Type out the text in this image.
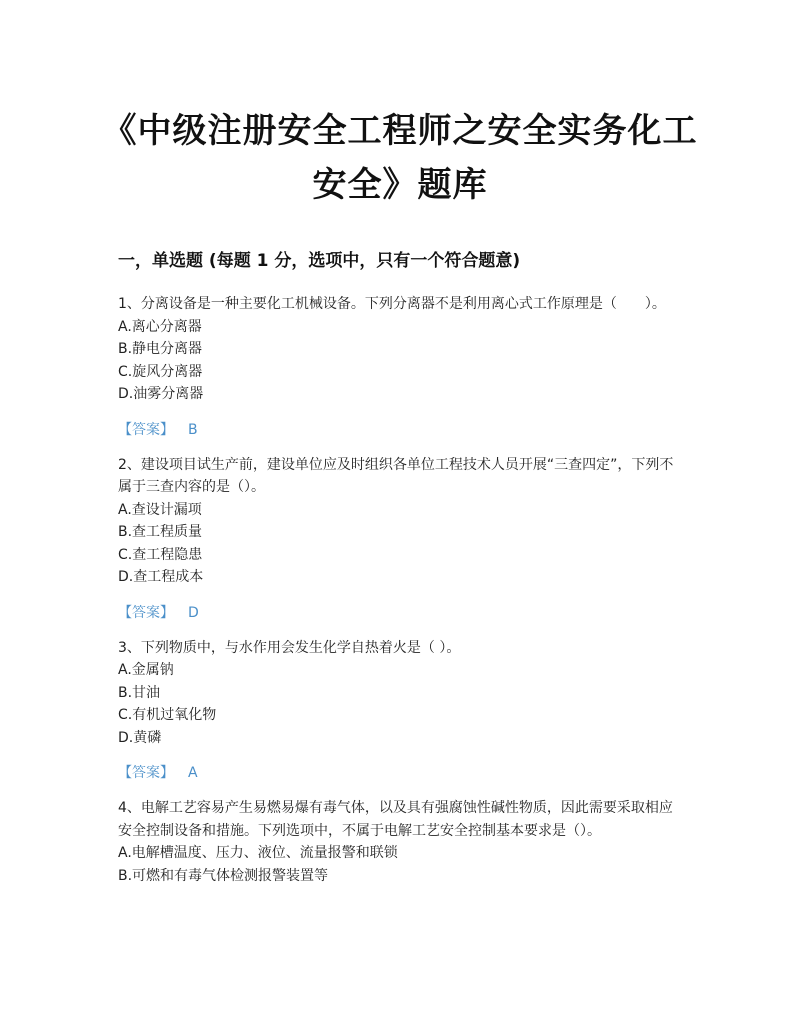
《中级注册安全工程师之安全实务化工安全》题库
一，单选题 (每题 1 分，选项中，只有一个符合题意)

1、分离设备是一种主要化工机械设备。下列分离器不是利用离心式工作原理是（　　）。

A.离心分离器

B.静电分离器

C.旋风分离器

D.油雾分离器

【答案】 B

2、建设项目试生产前，建设单位应及时组织各单位工程技术人员开展“三查四定”，下列不属于三查内容的是（）。

A.查设计漏项

B.查工程质量

C.查工程隐患

D.查工程成本

【答案】 D

3、下列物质中，与水作用会发生化学自热着火是（ ）。

A.金属钠

B.甘油

C.有机过氧化物

D.黄磷

【答案】 A

4、电解工艺容易产生易燃易爆有毒气体，以及具有强腐蚀性碱性物质，因此需要采取相应安全控制设备和措施。下列选项中，不属于电解工艺安全控制基本要求是（）。

A.电解槽温度、压力、液位、流量报警和联锁

B.可燃和有毒气体检测报警装置等
